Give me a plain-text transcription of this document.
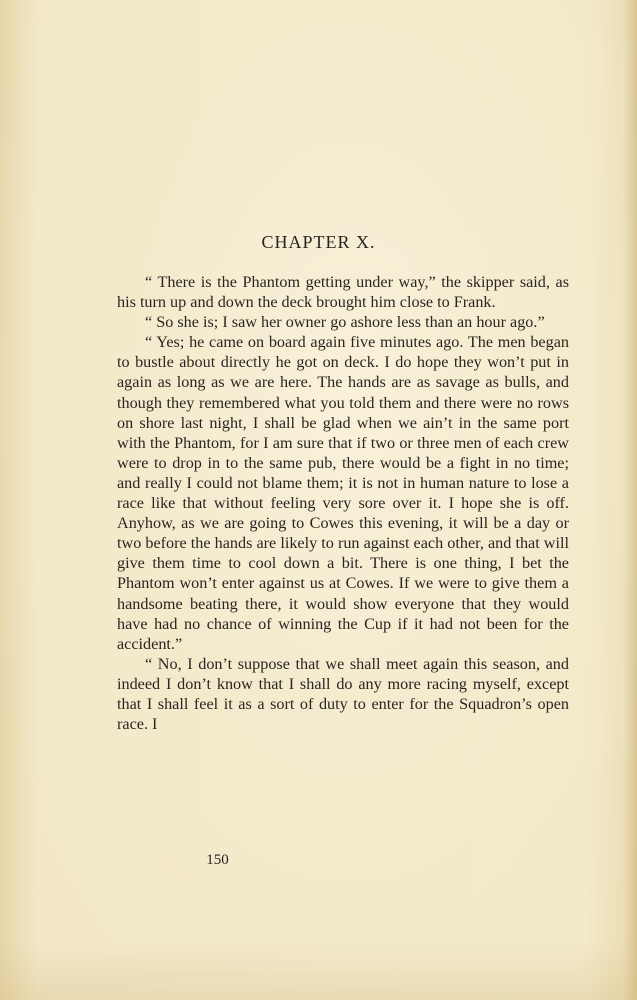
CHAPTER X.

“ There is the Phantom getting under way,” the skipper said, as his turn up and down the deck brought him close to Frank.

“ So she is; I saw her owner go ashore less than an hour ago.”

“ Yes; he came on board again five minutes ago. The men began to bustle about directly he got on deck. I do hope they won’t put in again as long as we are here. The hands are as savage as bulls, and though they remembered what you told them and there were no rows on shore last night, I shall be glad when we ain’t in the same port with the Phantom, for I am sure that if two or three men of each crew were to drop in to the same pub, there would be a fight in no time; and really I could not blame them; it is not in human nature to lose a race like that without feeling very sore over it. I hope she is off. Anyhow, as we are going to Cowes this evening, it will be a day or two before the hands are likely to run against each other, and that will give them time to cool down a bit. There is one thing, I bet the Phantom won’t enter against us at Cowes. If we were to give them a handsome beating there, it would show everyone that they would have had no chance of winning the Cup if it had not been for the accident.”

“ No, I don’t suppose that we shall meet again this season, and indeed I don’t know that I shall do any more racing myself, except that I shall feel it as a sort of duty to enter for the Squadron’s open race. I

150
